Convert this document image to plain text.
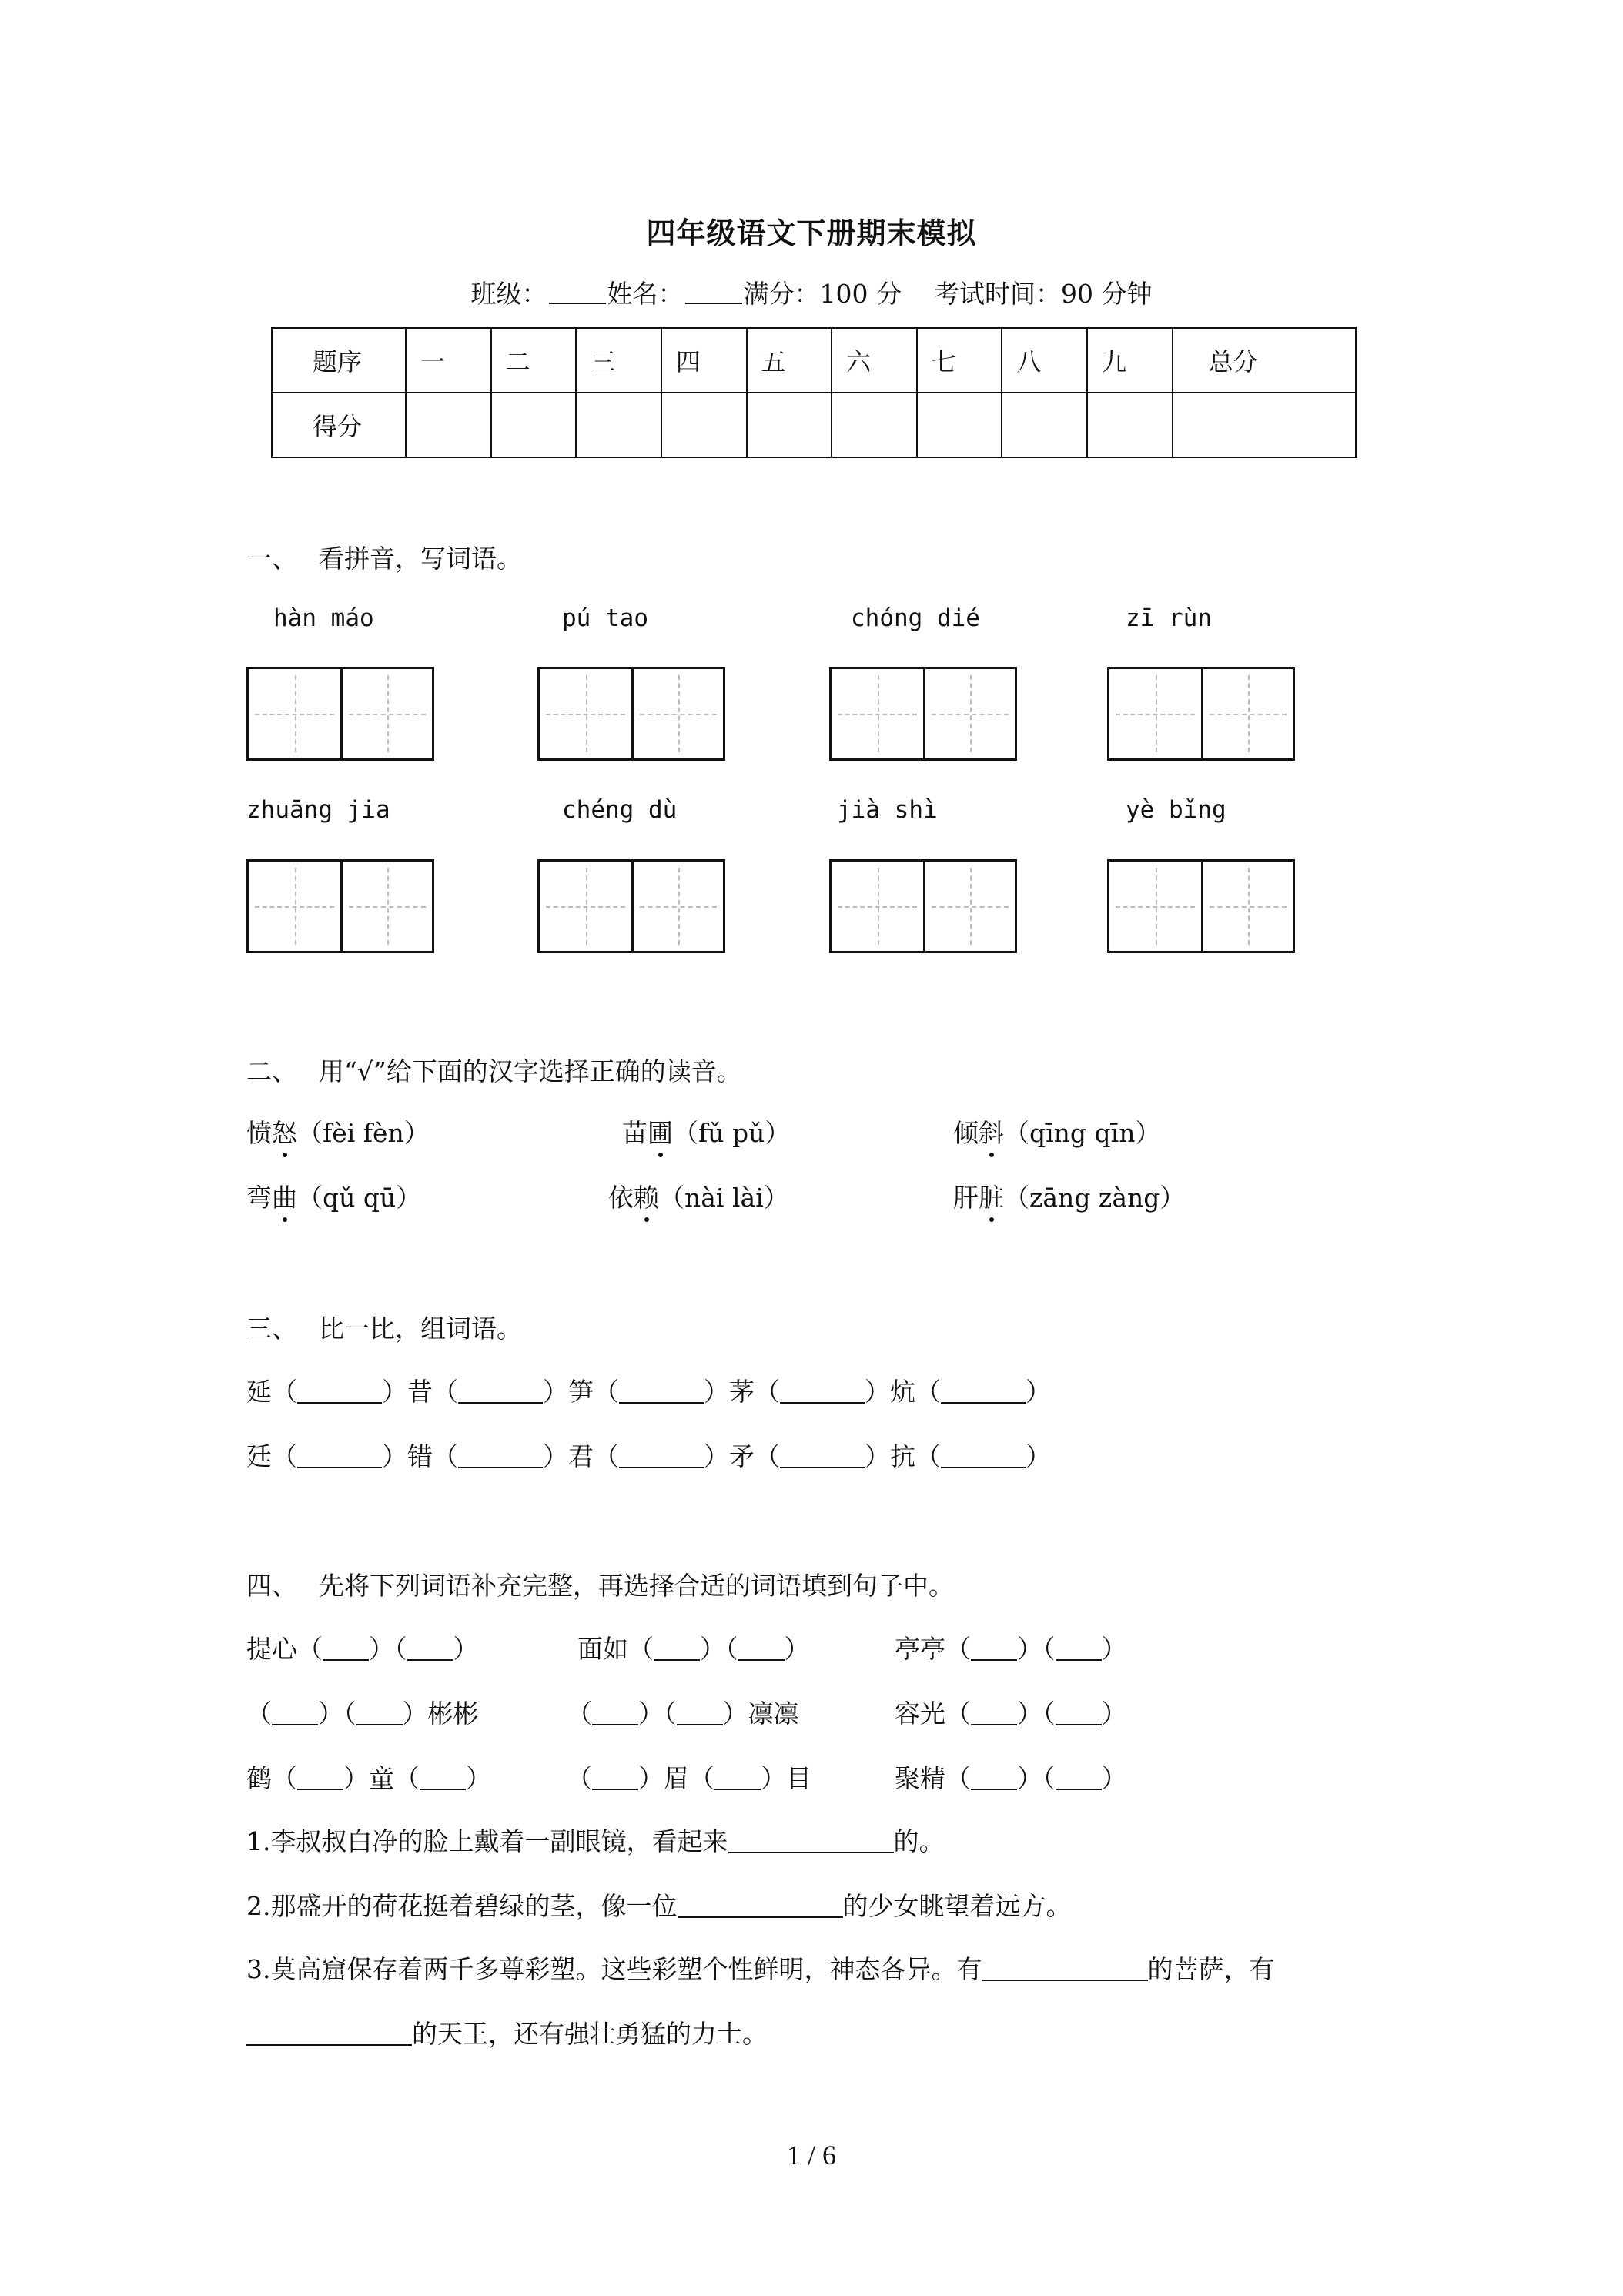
四年级语文下册期末模拟
班级： 姓名： 满分：100 分 考试时间：90 分钟
题序	一	二	三	四	五	六	七	八	九	总分
得分										
一、 看拼音，写词语。
hàn máo	pú tao	chóng dié	zī rùn
zhuāng jia	chéng dù	jià shì	yè bǐng
二、 用“√”给下面的汉字选择正确的读音。
愤怒（fèi fèn）	苗圃（fǔ pǔ）	倾斜（qīng qīn）
弯曲（qǔ qū）	依赖（nài lài）	肝脏（zāng zàng）
三、 比一比，组词语。
延（	）昔（	）笋（	）茅（	）炕（	）
廷（	）错（	）君（	）矛（	）抗（	）
四、 先将下列词语补充完整，再选择合适的词语填到句子中。
提心（ ）（ ）	面如（ ）（ ）	亭亭（ ）（ ）
（ ）（ ）彬彬	（ ）（ ）凛凛	容光（ ）（ ）
鹤（ ）童（ ）	（ ）眉（ ）目	聚精（ ）（ ）
1.李叔叔白净的脸上戴着一副眼镜，看起来	的。
2.那盛开的荷花挺着碧绿的茎，像一位	的少女眺望着远方。
3.莫高窟保存着两千多尊彩塑。这些彩塑个性鲜明，神态各异。有	的菩萨，有
的天王，还有强壮勇猛的力士。
1 / 6
